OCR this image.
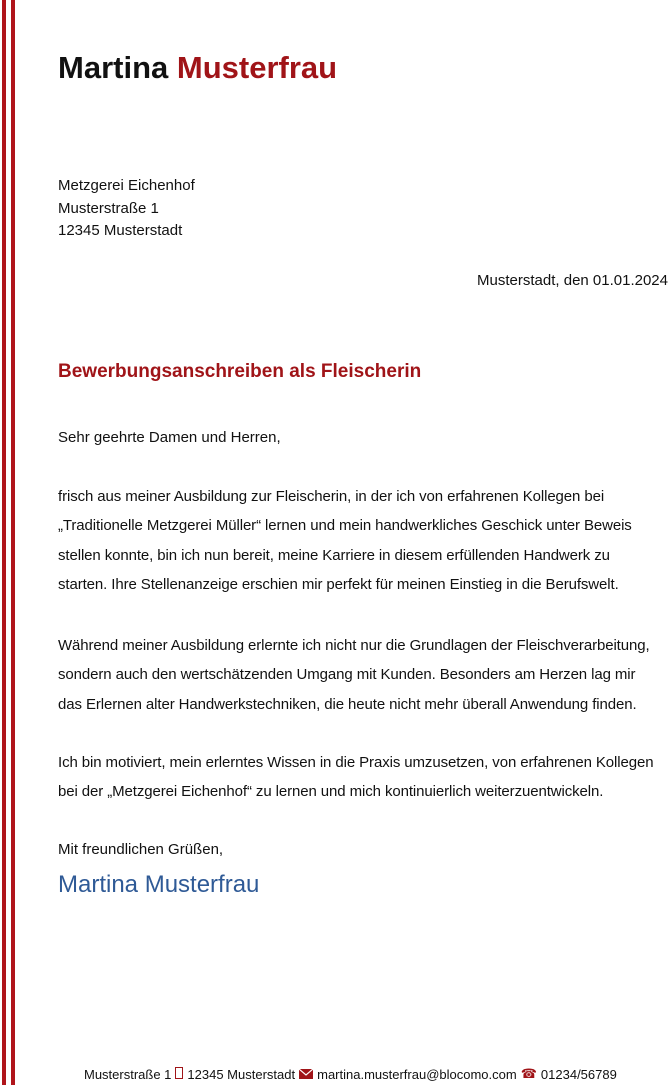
Martina Musterfrau
Metzgerei Eichenhof
Musterstraße 1
12345 Musterstadt
Musterstadt, den 01.01.2024
Bewerbungsanschreiben als Fleischerin

Sehr geehrte Damen und Herren,

frisch aus meiner Ausbildung zur Fleischerin, in der ich von erfahrenen Kollegen bei „Traditionelle Metzgerei Müller“ lernen und mein handwerkliches Geschick unter Beweis stellen konnte, bin ich nun bereit, meine Karriere in diesem erfüllenden Handwerk zu starten. Ihre Stellenanzeige erschien mir perfekt für meinen Einstieg in die Berufswelt.

Während meiner Ausbildung erlernte ich nicht nur die Grundlagen der Fleischverarbeitung, sondern auch den wertschätzenden Umgang mit Kunden. Besonders am Herzen lag mir das Erlernen alter Handwerkstechniken, die heute nicht mehr überall Anwendung finden.

Ich bin motiviert, mein erlerntes Wissen in die Praxis umzusetzen, von erfahrenen Kollegen bei der „Metzgerei Eichenhof“ zu lernen und mich kontinuierlich weiterzuentwickeln.

Mit freundlichen Grüßen,

Martina Musterfrau

Musterstraße 1 12345 Musterstadt martina.musterfrau@blocomo.com ☎ 01234/56789
